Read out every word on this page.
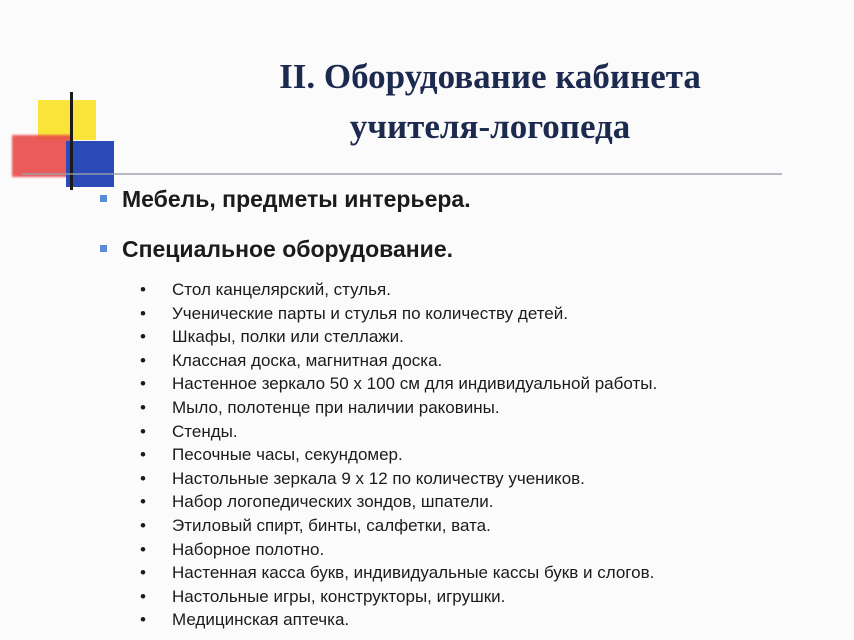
II. Оборудование кабинета
учителя-логопеда
Мебель, предметы интерьера.
Специальное оборудование.
• Стол канцелярский, стулья.
• Ученические парты и стулья по количеству детей.
• Шкафы, полки или стеллажи.
• Классная доска, магнитная доска.
• Настенное зеркало 50 х 100 см для индивидуальной работы.
• Мыло, полотенце при наличии раковины.
• Стенды.
• Песочные часы, секундомер.
• Настольные зеркала 9 х 12 по количеству учеников.
• Набор логопедических зондов, шпатели.
• Этиловый спирт, бинты, салфетки, вата.
• Наборное полотно.
• Настенная касса букв, индивидуальные кассы букв и слогов.
• Настольные игры, конструкторы, игрушки.
• Медицинская аптечка.
